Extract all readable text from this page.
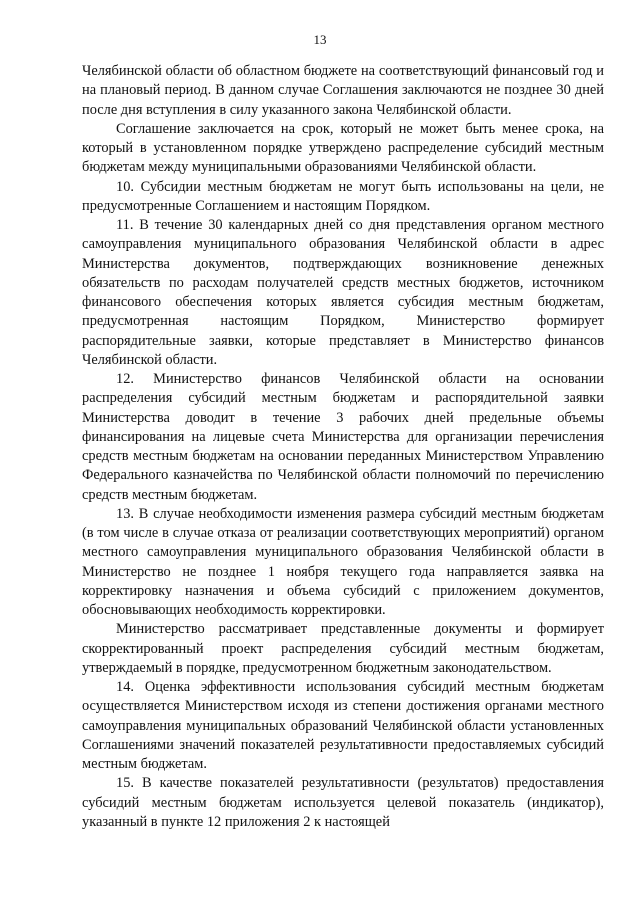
13

Челябинской области об областном бюджете на соответствующий финансовый год и на плановый период. В данном случае Соглашения заключаются не позднее 30 дней после дня вступления в силу указанного закона Челябинской области.

Соглашение заключается на срок, который не может быть менее срока, на который в установленном порядке утверждено распределение субсидий местным бюджетам между муниципальными образованиями Челябинской области.

10. Субсидии местным бюджетам не могут быть использованы на цели, не предусмотренные Соглашением и настоящим Порядком.

11. В течение 30 календарных дней со дня представления органом местного самоуправления муниципального образования Челябинской области в адрес Министерства документов, подтверждающих возникновение денежных обязательств по расходам получателей средств местных бюджетов, источником финансового обеспечения которых является субсидия местным бюджетам, предусмотренная настоящим Порядком, Министерство формирует распорядительные заявки, которые представляет в Министерство финансов Челябинской области.

12. Министерство финансов Челябинской области на основании распределения субсидий местным бюджетам и распорядительной заявки Министерства доводит в течение 3 рабочих дней предельные объемы финансирования на лицевые счета Министерства для организации перечисления средств местным бюджетам на основании переданных Министерством Управлению Федерального казначейства по Челябинской области полномочий по перечислению средств местным бюджетам.

13. В случае необходимости изменения размера субсидий местным бюджетам (в том числе в случае отказа от реализации соответствующих мероприятий) органом местного самоуправления муниципального образования Челябинской области в Министерство не позднее 1 ноября текущего года направляется заявка на корректировку назначения и объема субсидий с приложением документов, обосновывающих необходимость корректировки.

Министерство рассматривает представленные документы и формирует скорректированный проект распределения субсидий местным бюджетам, утверждаемый в порядке, предусмотренном бюджетным законодательством.

14. Оценка эффективности использования субсидий местным бюджетам осуществляется Министерством исходя из степени достижения органами местного самоуправления муниципальных образований Челябинской области установленных Соглашениями значений показателей результативности предоставляемых субсидий местным бюджетам.

15. В качестве показателей результативности (результатов) предоставления субсидий местным бюджетам используется целевой показатель (индикатор), указанный в пункте 12 приложения 2 к настоящей
